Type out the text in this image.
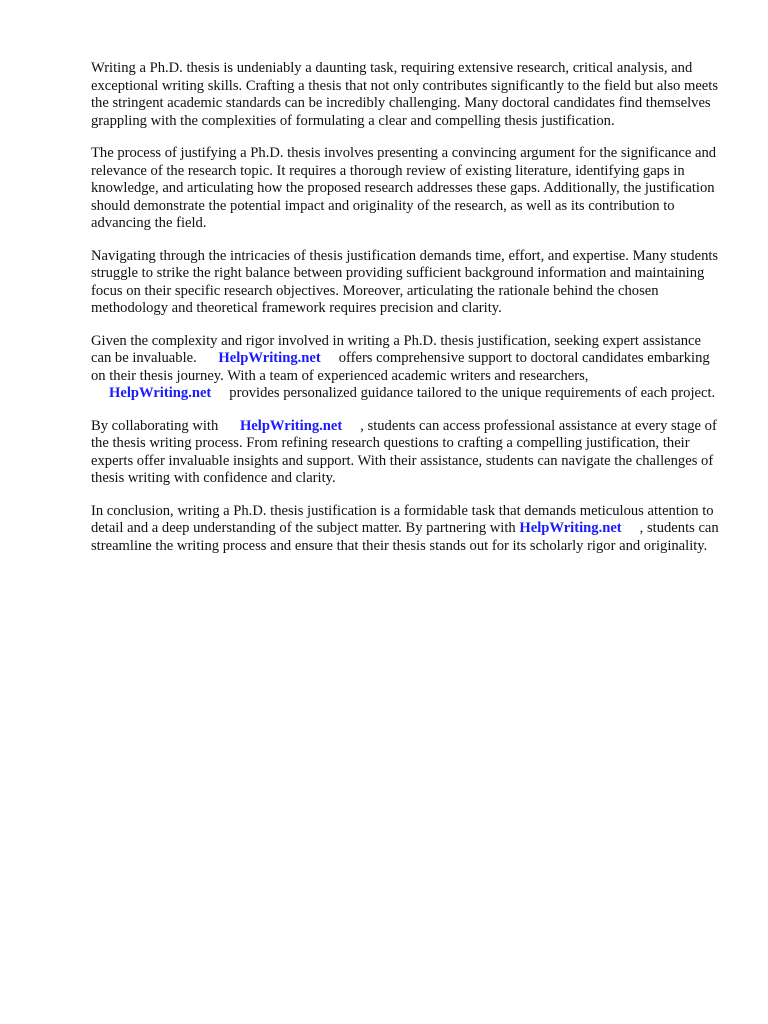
Writing a Ph.D. thesis is undeniably a daunting task, requiring extensive research, critical analysis, and exceptional writing skills. Crafting a thesis that not only contributes significantly to the field but also meets the stringent academic standards can be incredibly challenging. Many doctoral candidates find themselves grappling with the complexities of formulating a clear and compelling thesis justification.

The process of justifying a Ph.D. thesis involves presenting a convincing argument for the significance and relevance of the research topic. It requires a thorough review of existing literature, identifying gaps in knowledge, and articulating how the proposed research addresses these gaps. Additionally, the justification should demonstrate the potential impact and originality of the research, as well as its contribution to advancing the field.

Navigating through the intricacies of thesis justification demands time, effort, and expertise. Many students struggle to strike the right balance between providing sufficient background information and maintaining focus on their specific research objectives. Moreover, articulating the rationale behind the chosen methodology and theoretical framework requires precision and clarity.

Given the complexity and rigor involved in writing a Ph.D. thesis justification, seeking expert assistance can be invaluable. HelpWriting.net offers comprehensive support to doctoral candidates embarking on their thesis journey. With a team of experienced academic writers and researchers, HelpWriting.net provides personalized guidance tailored to the unique requirements of each project.

By collaborating with HelpWriting.net , students can access professional assistance at every stage of the thesis writing process. From refining research questions to crafting a compelling justification, their experts offer invaluable insights and support. With their assistance, students can navigate the challenges of thesis writing with confidence and clarity.

In conclusion, writing a Ph.D. thesis justification is a formidable task that demands meticulous attention to detail and a deep understanding of the subject matter. By partnering with HelpWriting.net , students can streamline the writing process and ensure that their thesis stands out for its scholarly rigor and originality.
